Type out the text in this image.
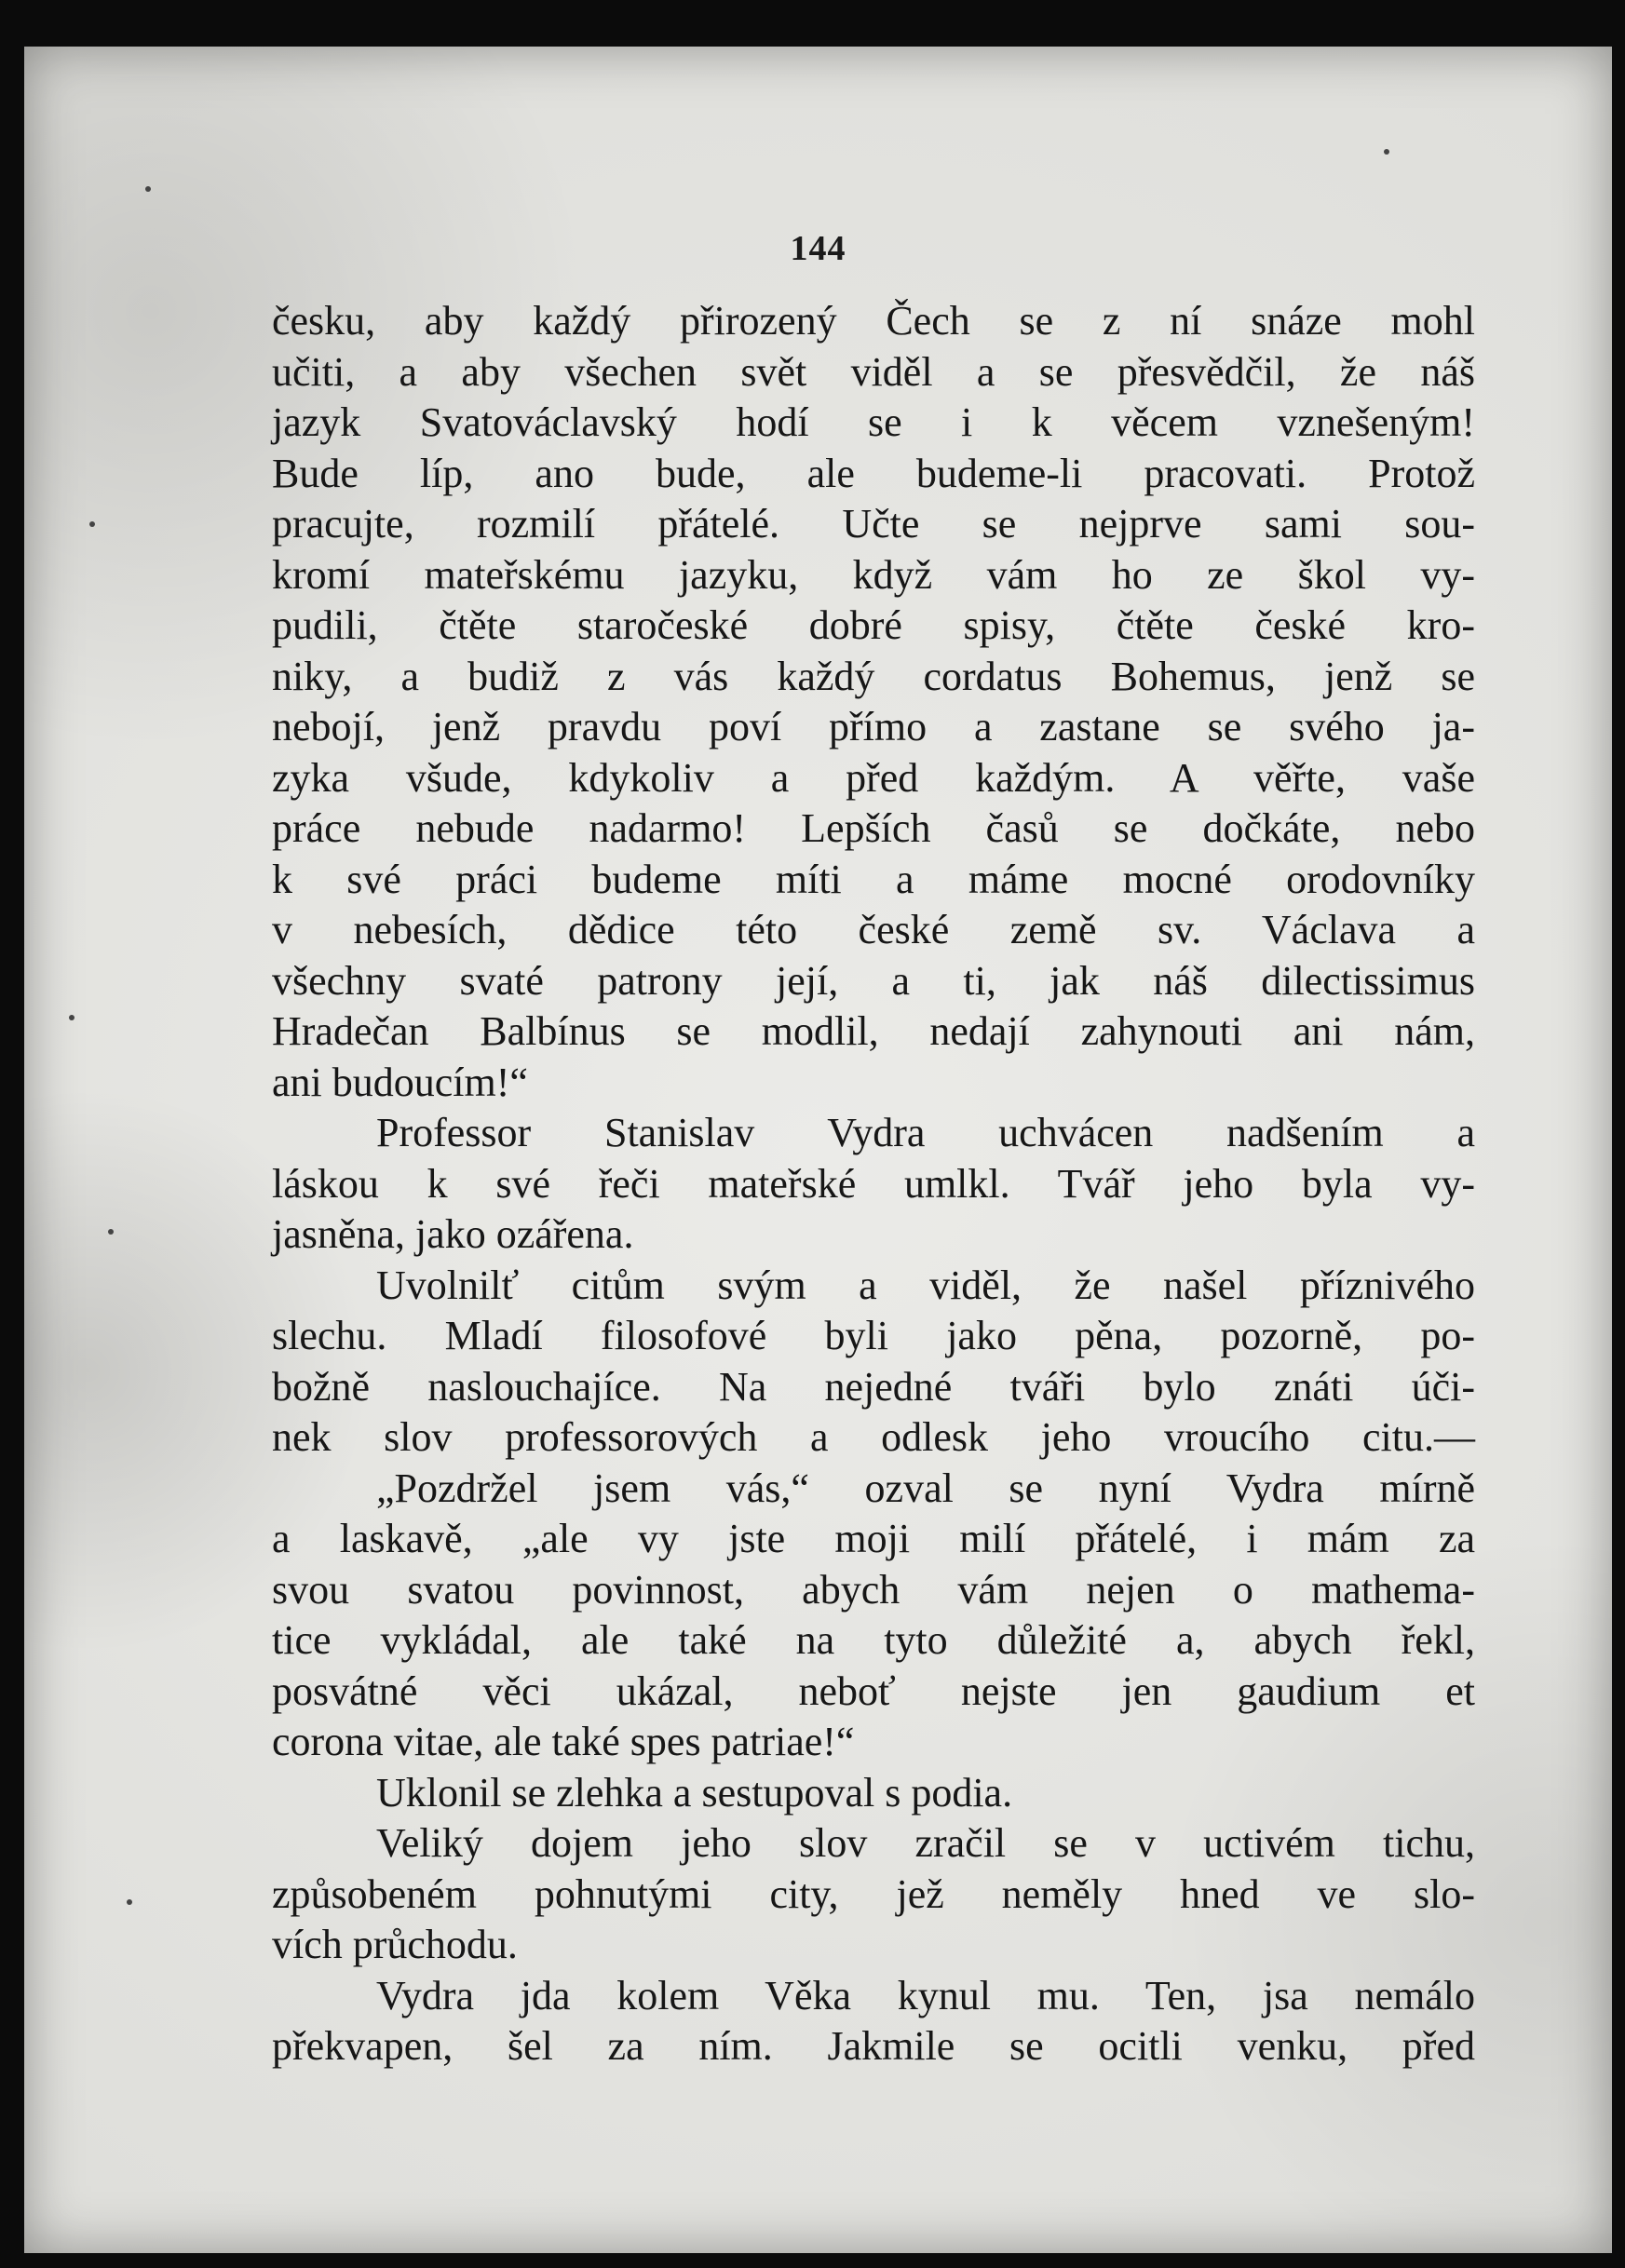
144
česku, aby každý přirozený Čech se z ní snáze mohl
učiti, a aby všechen svět viděl a se přesvědčil, že náš
jazyk Svatováclavský hodí se i k věcem vznešeným!
Bude líp, ano bude, ale budeme-li pracovati. Protož
pracujte, rozmilí přátelé. Učte se nejprve sami sou-
kromí mateřskému jazyku, když vám ho ze škol vy-
pudili, čtěte staročeské dobré spisy, čtěte české kro-
niky, a budiž z vás každý cordatus Bohemus, jenž se
nebojí, jenž pravdu poví přímo a zastane se svého ja-
zyka všude, kdykoliv a před každým. A věřte, vaše
práce nebude nadarmo! Lepších časů se dočkáte, nebo
k své práci budeme míti a máme mocné orodovníky
v nebesích, dědice této české země sv. Václava a
všechny svaté patrony její, a ti, jak náš dilectissimus
Hradečan Balbínus se modlil, nedají zahynouti ani nám,
ani budoucím!“
Professor Stanislav Vydra uchvácen nadšením a
láskou k své řeči mateřské umlkl. Tvář jeho byla vy-
jasněna, jako ozářena.
Uvolnilť citům svým a viděl, že našel příznivého
slechu. Mladí filosofové byli jako pěna, pozorně, po-
božně naslouchajíce. Na nejedné tváři bylo znáti úči-
nek slov professorových a odlesk jeho vroucího citu.—
„Pozdržel jsem vás,“ ozval se nyní Vydra mírně
a laskavě, „ale vy jste moji milí přátelé, i mám za
svou svatou povinnost, abych vám nejen o mathema-
tice vykládal, ale také na tyto důležité a, abych řekl,
posvátné věci ukázal, neboť nejste jen gaudium et
corona vitae, ale také spes patriae!“
Uklonil se zlehka a sestupoval s podia.
Veliký dojem jeho slov zračil se v uctivém tichu,
způsobeném pohnutými city, jež neměly hned ve slo-
vích průchodu.
Vydra jda kolem Věka kynul mu. Ten, jsa nemálo
překvapen, šel za ním. Jakmile se ocitli venku, před
